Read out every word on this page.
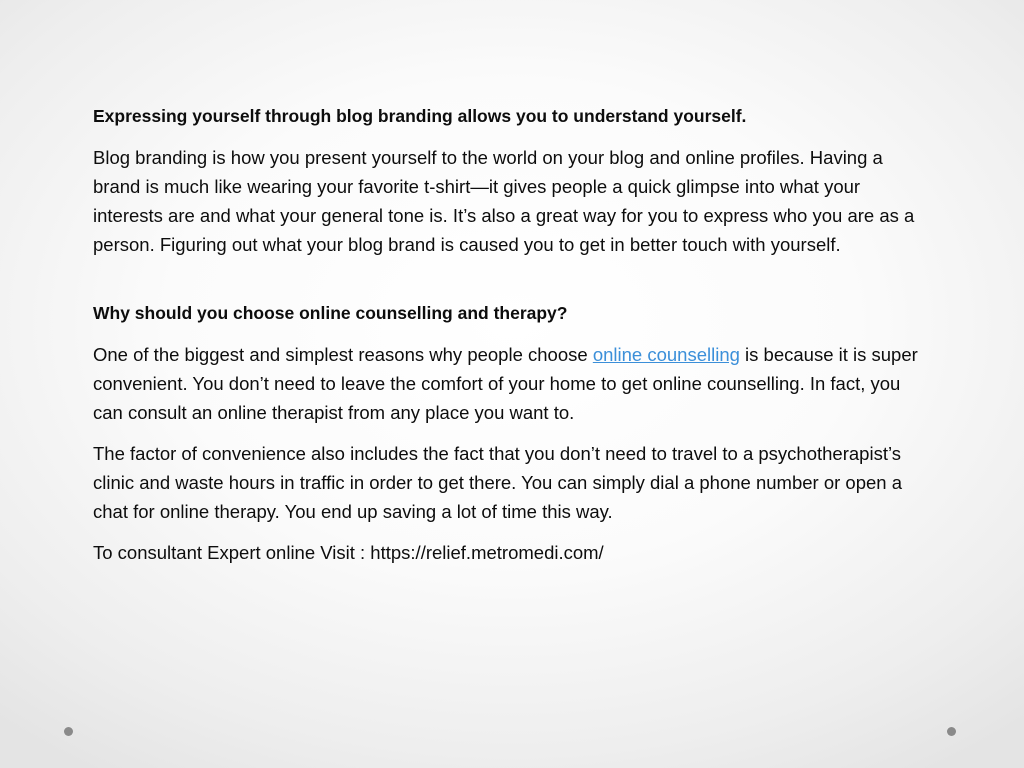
Expressing yourself through blog branding allows you to understand yourself.

Blog branding is how you present yourself to the world on your blog and online profiles. Having a brand is much like wearing your favorite t-shirt—it gives people a quick glimpse into what your interests are and what your general tone is. It’s also a great way for you to express who you are as a person. Figuring out what your blog brand is caused you to get in better touch with yourself.

Why should you choose online counselling and therapy?

One of the biggest and simplest reasons why people choose online counselling is because it is super convenient. You don’t need to leave the comfort of your home to get online counselling. In fact, you can consult an online therapist from any place you want to.

The factor of convenience also includes the fact that you don’t need to travel to a psychotherapist’s clinic and waste hours in traffic in order to get there. You can simply dial a phone number or open a chat for online therapy. You end up saving a lot of time this way.

To consultant Expert online Visit : https://relief.metromedi.com/
